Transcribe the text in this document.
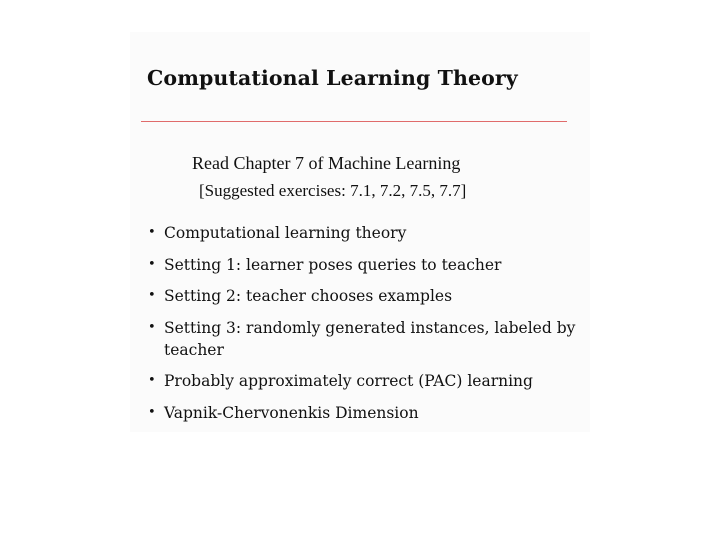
Computational Learning Theory
Read Chapter 7 of Machine Learning
[Suggested exercises: 7.1, 7.2, 7.5, 7.7]
• Computational learning theory
• Setting 1: learner poses queries to teacher
• Setting 2: teacher chooses examples
• Setting 3: randomly generated instances, labeled by teacher
• Probably approximately correct (PAC) learning
• Vapnik-Chervonenkis Dimension
